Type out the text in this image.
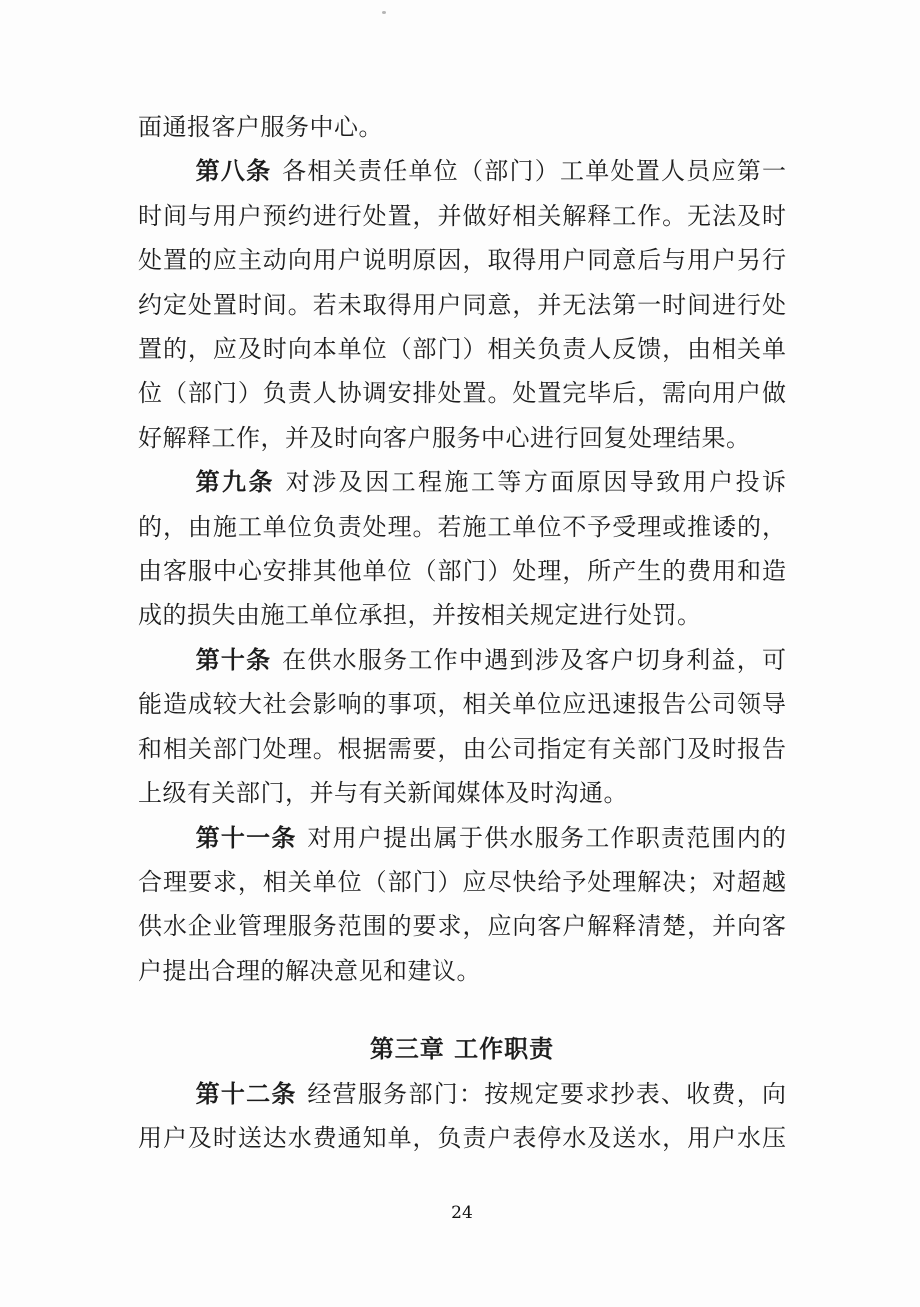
面通报客户服务中心。
第八条 各相关责任单位（部门）工单处置人员应第一
时间与用户预约进行处置，并做好相关解释工作。无法及时
处置的应主动向用户说明原因，取得用户同意后与用户另行
约定处置时间。若未取得用户同意，并无法第一时间进行处
置的，应及时向本单位（部门）相关负责人反馈，由相关单
位（部门）负责人协调安排处置。处置完毕后，需向用户做
好解释工作，并及时向客户服务中心进行回复处理结果。
第九条 对涉及因工程施工等方面原因导致用户投诉
的，由施工单位负责处理。若施工单位不予受理或推诿的，
由客服中心安排其他单位（部门）处理，所产生的费用和造
成的损失由施工单位承担，并按相关规定进行处罚。
第十条 在供水服务工作中遇到涉及客户切身利益，可
能造成较大社会影响的事项，相关单位应迅速报告公司领导
和相关部门处理。根据需要，由公司指定有关部门及时报告
上级有关部门，并与有关新闻媒体及时沟通。
第十一条 对用户提出属于供水服务工作职责范围内的
合理要求，相关单位（部门）应尽快给予处理解决；对超越
供水企业管理服务范围的要求，应向客户解释清楚，并向客
户提出合理的解决意见和建议。
第三章 工作职责
第十二条 经营服务部门：按规定要求抄表、收费，向
用户及时送达水费通知单，负责户表停水及送水，用户水压
24
